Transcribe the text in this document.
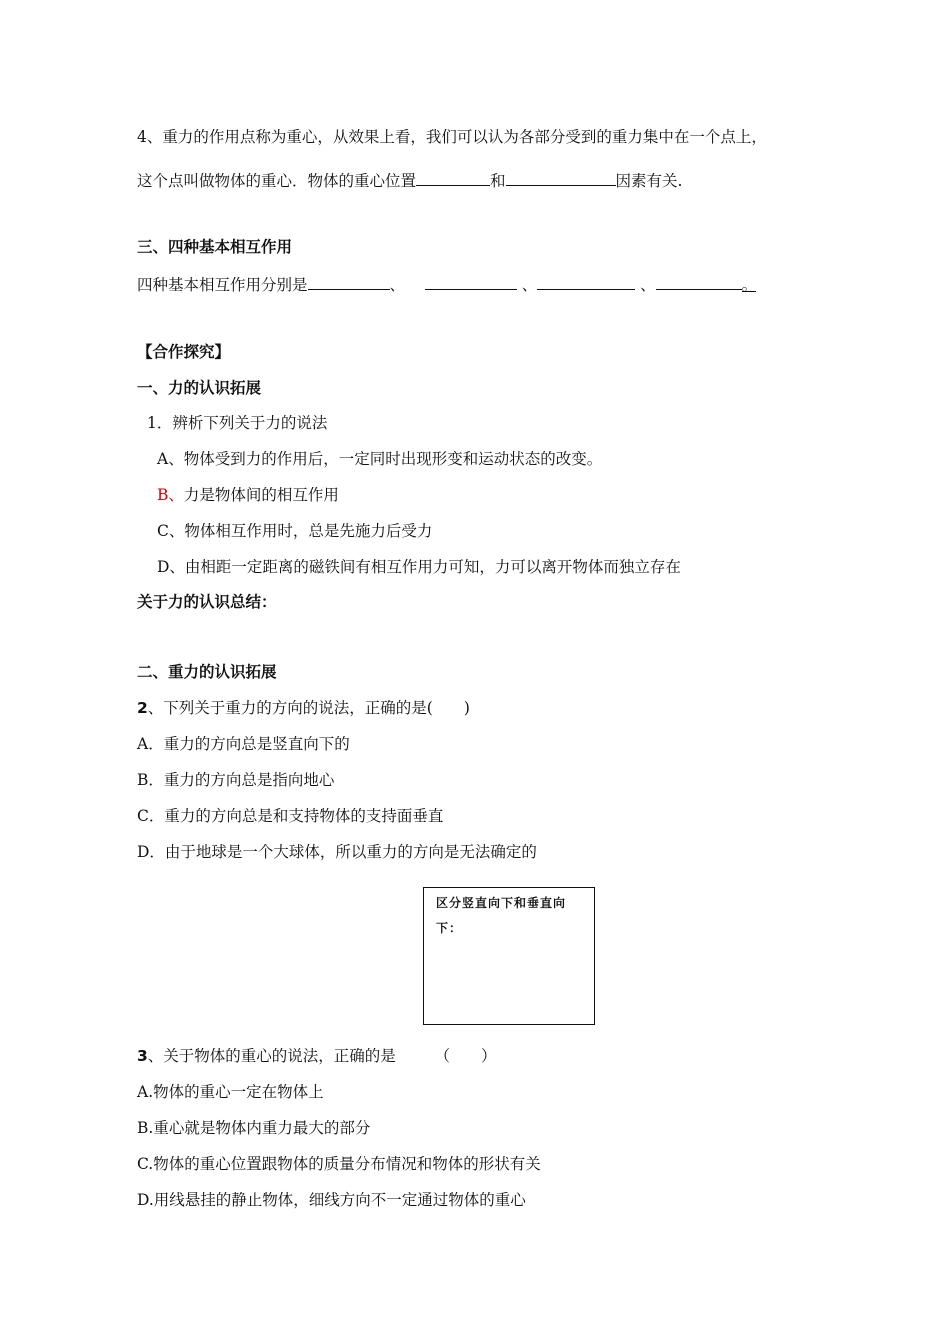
4、重力的作用点称为重心，从效果上看，我们可以认为各部分受到的重力集中在一个点上，
这个点叫做物体的重心．物体的重心位置	和	因素有关.
三、四种基本相互作用
四种基本相互作用分别是	、	、	、	。
【合作探究】
一、力的认识拓展
1．辨析下列关于力的说法
A、物体受到力的作用后，一定同时出现形变和运动状态的改变。
B、力是物体间的相互作用
C、物体相互作用时，总是先施力后受力
D、由相距一定距离的磁铁间有相互作用力可知，力可以离开物体而独立存在
关于力的认识总结：
二、重力的认识拓展
2、下列关于重力的方向的说法，正确的是(　　)
A．重力的方向总是竖直向下的
B．重力的方向总是指向地心
C．重力的方向总是和支持物体的支持面垂直
D．由于地球是一个大球体，所以重力的方向是无法确定的
区分竖直向下和垂直向
下：
3、关于物体的重心的说法，正确的是　　　（　　）
A.物体的重心一定在物体上
B.重心就是物体内重力最大的部分
C.物体的重心位置跟物体的质量分布情况和物体的形状有关
D.用线悬挂的静止物体，细线方向不一定通过物体的重心
